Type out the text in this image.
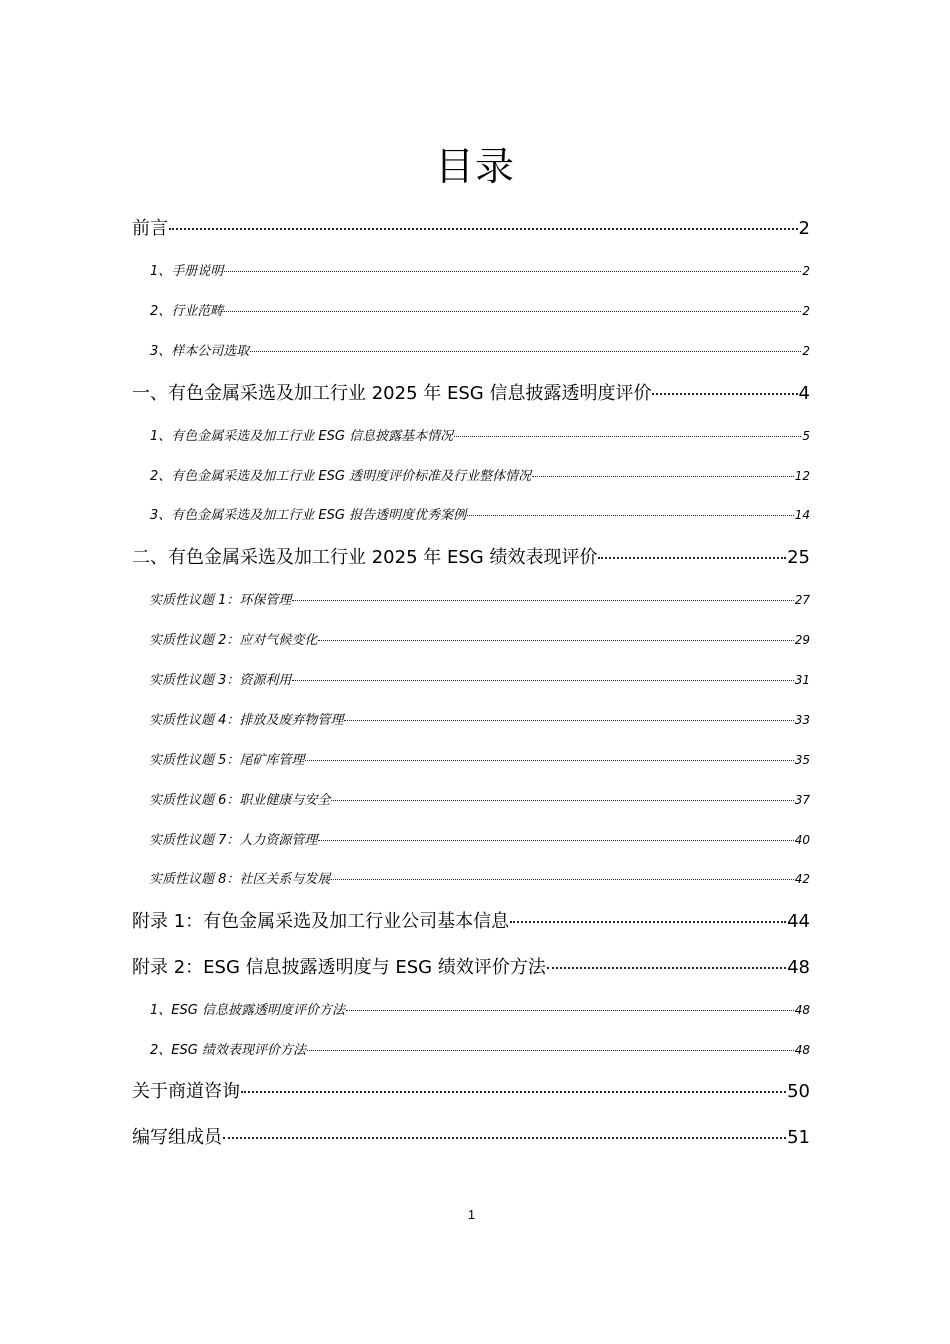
目录
前言	2
1、手册说明	2
2、行业范畴	2
3、样本公司选取	2
一、有色金属采选及加工行业 2025 年 ESG 信息披露透明度评价	4
1、有色金属采选及加工行业 ESG 信息披露基本情况	5
2、有色金属采选及加工行业 ESG 透明度评价标准及行业整体情况	12
3、有色金属采选及加工行业 ESG 报告透明度优秀案例	14
二、有色金属采选及加工行业 2025 年 ESG 绩效表现评价	25
实质性议题 1：环保管理	27
实质性议题 2：应对气候变化	29
实质性议题 3：资源利用	31
实质性议题 4：排放及废弃物管理	33
实质性议题 5：尾矿库管理	35
实质性议题 6：职业健康与安全	37
实质性议题 7：人力资源管理	40
实质性议题 8：社区关系与发展	42
附录 1：有色金属采选及加工行业公司基本信息	44
附录 2：ESG 信息披露透明度与 ESG 绩效评价方法	48
1、ESG 信息披露透明度评价方法	48
2、ESG 绩效表现评价方法	48
关于商道咨询	50
编写组成员	51
1
